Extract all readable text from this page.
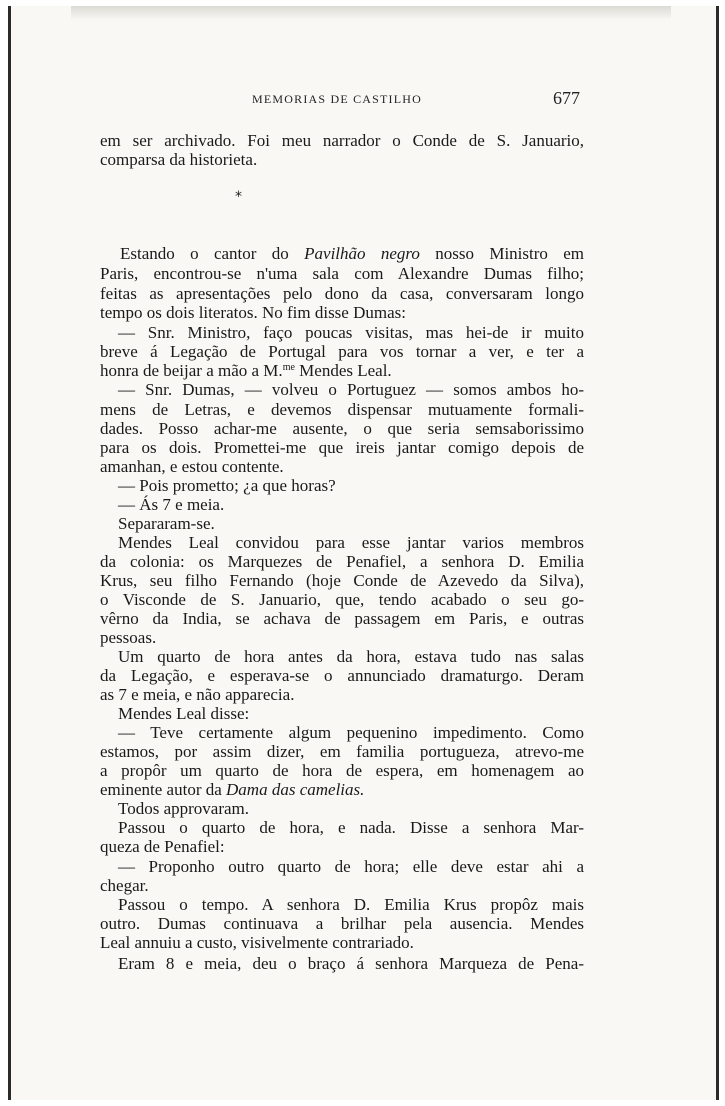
MEMORIAS DE CASTILHO	677
*
em ser archivado. Foi meu narrador o Conde de S. Januario,
comparsa da historieta.
Estando o cantor do Pavilhão negro nosso Ministro em
Paris, encontrou-se n'uma sala com Alexandre Dumas filho;
feitas as apresentações pelo dono da casa, conversaram longo
tempo os dois literatos. No fim disse Dumas:
— Snr. Ministro, faço poucas visitas, mas hei-de ir muito
breve á Legação de Portugal para vos tornar a ver, e ter a
honra de beijar a mão a M.$^{me}$ Mendes Leal.
— Snr. Dumas, — volveu o Portuguez — somos ambos ho-
mens de Letras, e devemos dispensar mutuamente formali-
dades. Posso achar-me ausente, o que seria semsaborissimo
para os dois. Promettei-me que ireis jantar comigo depois de
amanhan, e estou contente.
— Pois prometto; ¿a que horas?
— Ás 7 e meia.
Separaram-se.
Mendes Leal convidou para esse jantar varios membros
da colonia: os Marquezes de Penafiel, a senhora D. Emilia
Krus, seu filho Fernando (hoje Conde de Azevedo da Silva),
o Visconde de S. Januario, que, tendo acabado o seu go-
vêrno da India, se achava de passagem em Paris, e outras
pessoas.
Um quarto de hora antes da hora, estava tudo nas salas
da Legação, e esperava-se o annunciado dramaturgo. Deram
as 7 e meia, e não apparecia.
Mendes Leal disse:
— Teve certamente algum pequenino impedimento. Como
estamos, por assim dizer, em familia portugueza, atrevo-me
a propôr um quarto de hora de espera, em homenagem ao
eminente autor da Dama das camelias.
Todos approvaram.
Passou o quarto de hora, e nada. Disse a senhora Mar-
queza de Penafiel:
— Proponho outro quarto de hora; elle deve estar ahi a
chegar.
Passou o tempo. A senhora D. Emilia Krus propôz mais
outro. Dumas continuava a brilhar pela ausencia. Mendes
Leal annuiu a custo, visivelmente contrariado.
Eram 8 e meia, deu o braço á senhora Marqueza de Pena-
